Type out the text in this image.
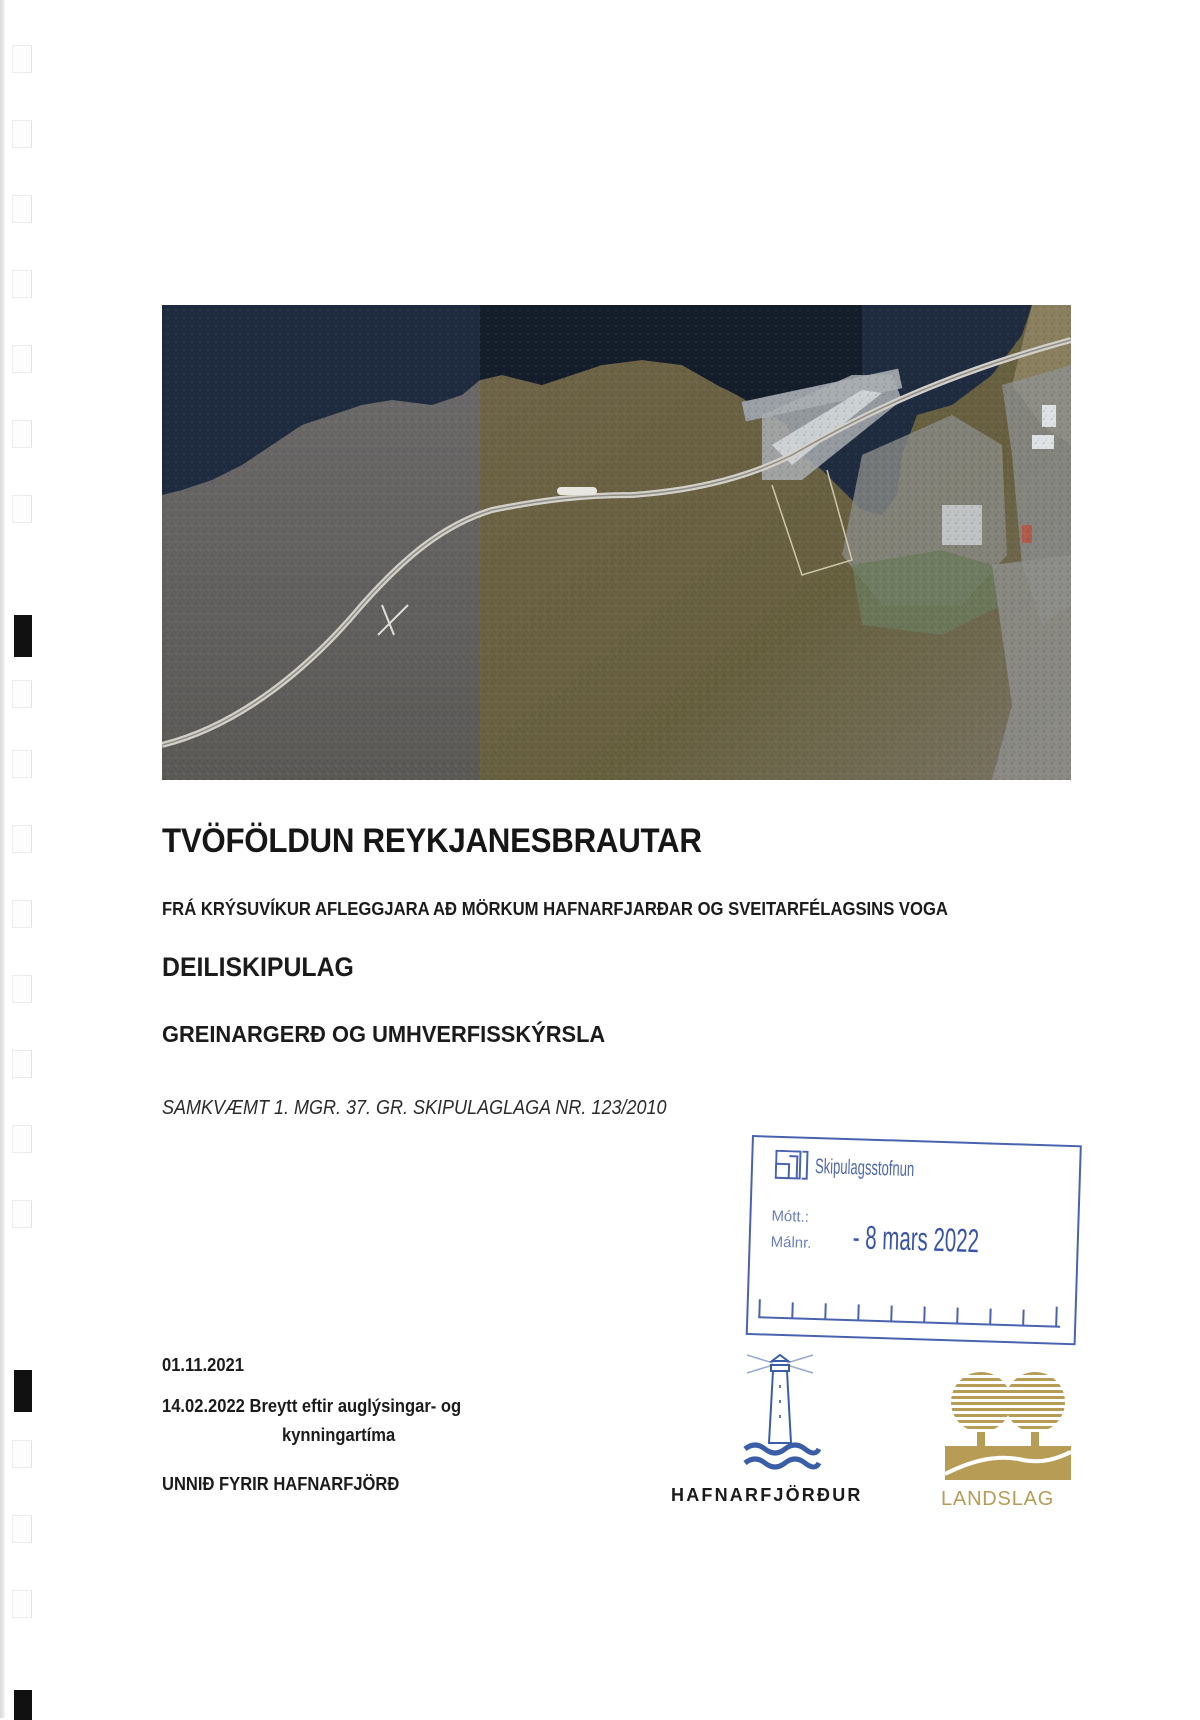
TVÖFÖLDUN REYKJANESBRAUTAR
FRÁ KRÝSUVÍKUR AFLEGGJARA AÐ MÖRKUM HAFNARFJARÐAR OG SVEITARFÉLAGSINS VOGA
DEILISKIPULAG
GREINARGERÐ OG UMHVERFISSKÝRSLA
SAMKVÆMT 1. MGR. 37. GR. SKIPULAGLAGA NR. 123/2010
Skipulagsstofnun
Mótt.:
Málnr. - 8 mars 2022
01.11.2021
14.02.2022 Breytt eftir auglýsingar- og
kynningartíma
UNNIÐ FYRIR HAFNARFJÖRÐ
HAFNARFJÖRÐUR	LANDSLAG
